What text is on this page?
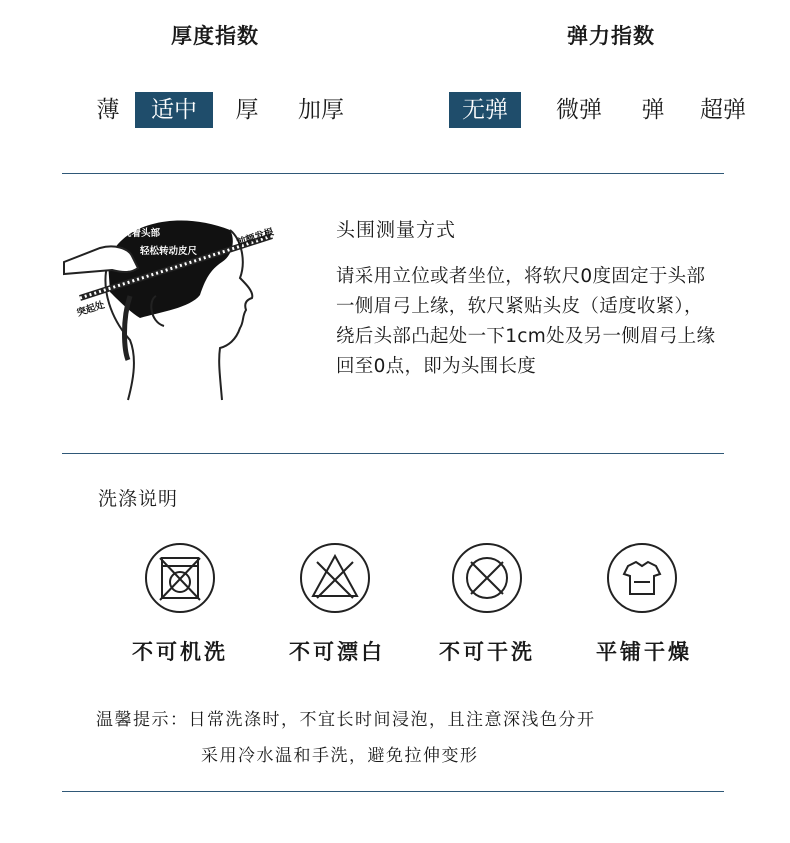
厚度指数	弹力指数
薄	适中	厚 加厚	无弹	微弹 弹 超弹
绕着头部
轻松转动皮尺
前额发根
突起处
头围测量方式
请采用立位或者坐位，将软尺0度固定于头部
一侧眉弓上缘，软尺紧贴头皮（适度收紧），
绕后头部凸起处一下1cm处及另一侧眉弓上缘
回至0点，即为头围长度
洗涤说明
不可机洗	不可漂白	不可干洗	平铺干燥
温馨提示：日常洗涤时，不宜长时间浸泡，且注意深浅色分开
采用冷水温和手洗，避免拉伸变形
